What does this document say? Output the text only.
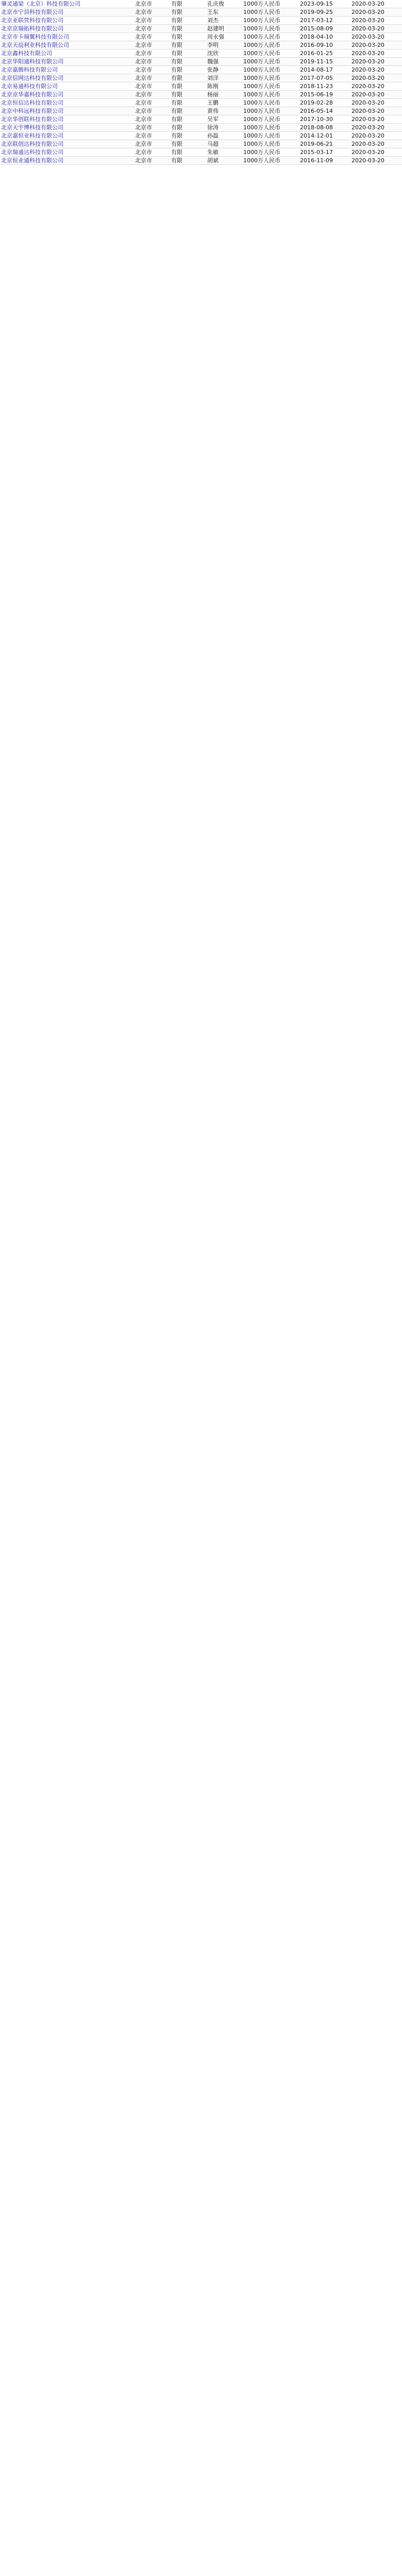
肇灵通梁（北京）科技有限公司	北京市	有限	孔庆俊	1000万人民币	2023-09-15	2020-03-20
北京市宁县科技有限公司	北京市	有限	王东	1000万人民币	2019-09-25	2020-03-20
北京亚联营科技有限公司	北京市	有限	刘杰	1000万人民币	2017-03-12	2020-03-20
北京京瑞拓科技有限公司	北京市	有限	赵建明	1000万人民币	2015-08-09	2020-03-20
北京市卡瑞翼科技有限公司	北京市	有限	周永强	1000万人民币	2018-04-10	2020-03-20
北京天辰利业科技有限公司	北京市	有限	李明	1000万人民币	2016-09-10	2020-03-20
北京鑫科技有限公司	北京市	有限	沈欣	1000万人民币	2016-01-25	2020-03-20
北京华阳通科技有限公司	北京市	有限	魏强	1000万人民币	2019-11-15	2020-03-20
北京嘉腾科技有限公司	北京市	有限	张静	1000万人民币	2014-08-17	2020-03-20
北京信网达科技有限公司	北京市	有限	刘洋	1000万人民币	2017-07-05	2020-03-20
北京易通科技有限公司	北京市	有限	陈刚	1000万人民币	2018-11-23	2020-03-20
北京京华嘉科技有限公司	北京市	有限	杨丽	1000万人民币	2015-06-19	2020-03-20
北京恒信达科技有限公司	北京市	有限	王鹏	1000万人民币	2019-02-28	2020-03-20
北京中科远科技有限公司	北京市	有限	黄伟	1000万人民币	2016-05-14	2020-03-20
北京华创联科技有限公司	北京市	有限	吴军	1000万人民币	2017-10-30	2020-03-20
北京天宇博科技有限公司	北京市	有限	徐涛	1000万人民币	2018-08-08	2020-03-20
北京嘉恒业科技有限公司	北京市	有限	孙磊	1000万人民币	2014-12-01	2020-03-20
北京联创达科技有限公司	北京市	有限	马超	1000万人民币	2019-06-21	2020-03-20
北京瑞通达科技有限公司	北京市	有限	朱敏	1000万人民币	2015-03-17	2020-03-20
北京恒业通科技有限公司	北京市	有限	胡斌	1000万人民币	2016-11-09	2020-03-20
